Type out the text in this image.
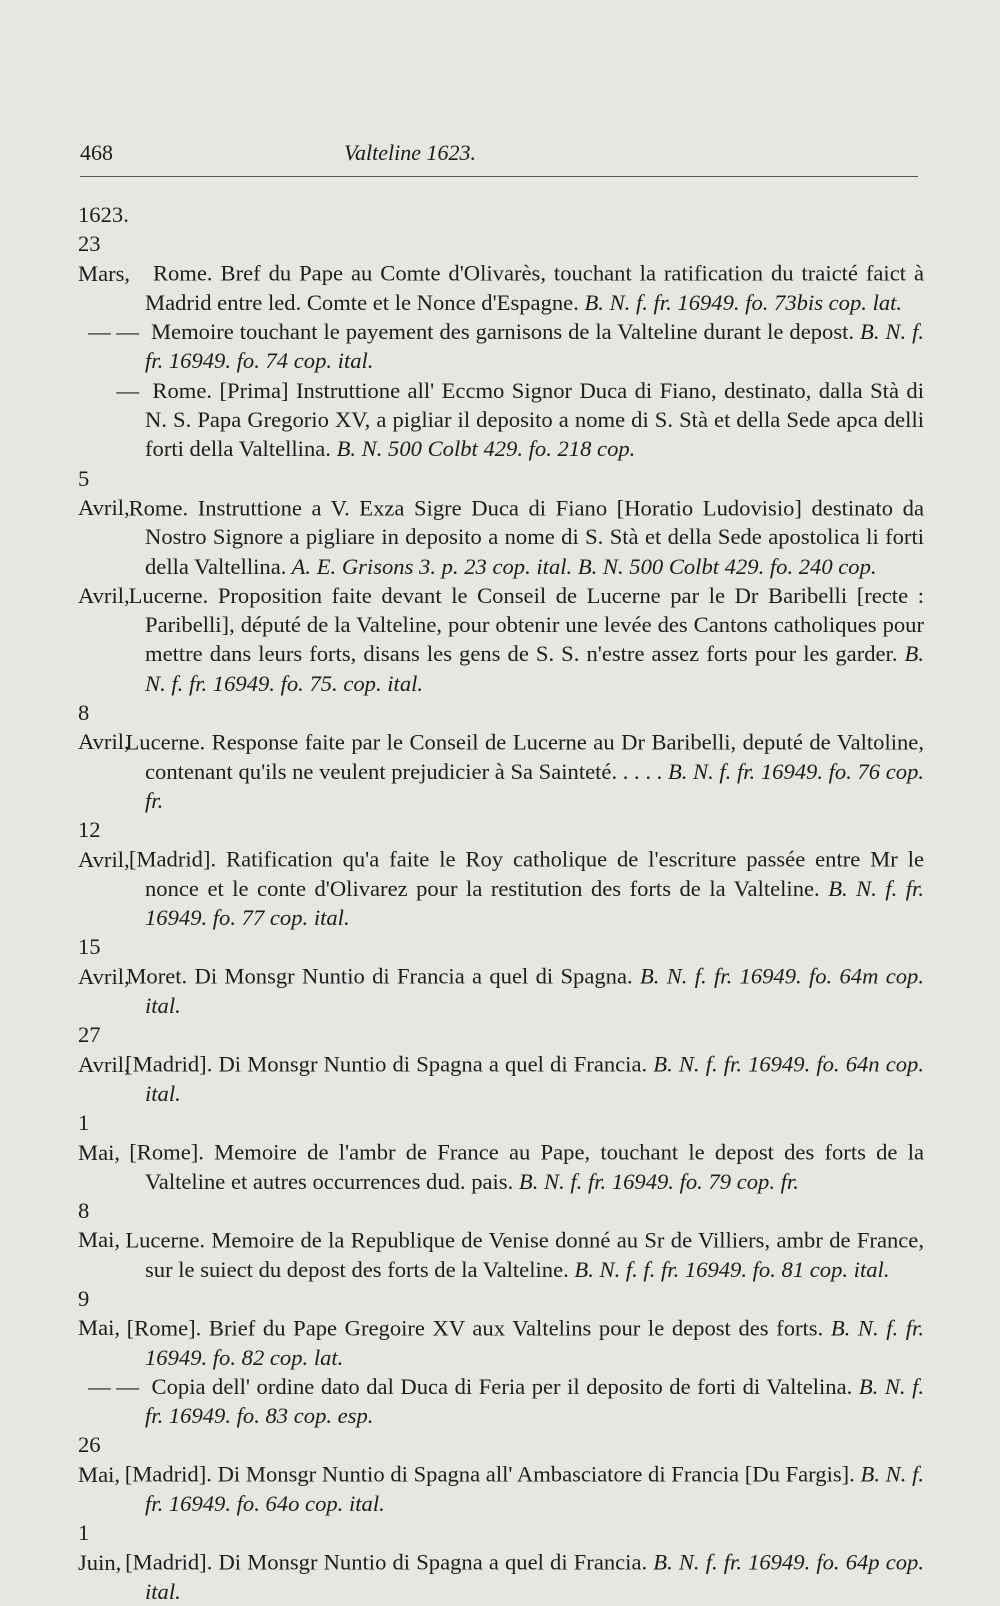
468	Valteline 1623.

1623. 23 Mars, Rome. Bref du Pape au Comte d'Olivarès, touchant la ratification du traicté faict à Madrid entre led. Comte et le Nonce d'Espagne. B. N. f. fr. 16949. fo. 73bis cop. lat.

— — Memoire touchant le payement des garnisons de la Valteline durant le depost. B. N. f. fr. 16949. fo. 74 cop. ital.

— Rome. [Prima] Instruttione all' Eccmo Signor Duca di Fiano, destinato, dalla Stà di N. S. Papa Gregorio XV, a pigliar il deposito a nome di S. Stà et della Sede apca delli forti della Valtellina. B. N. 500 Colbt 429. fo. 218 cop.

5 Avril, Rome. Instruttione a V. Exza Sigre Duca di Fiano [Horatio Ludovisio] destinato da Nostro Signore a pigliare in deposito a nome di S. Stà et della Sede apostolica li forti della Valtellina. A. E. Grisons 3. p. 23 cop. ital. B. N. 500 Colbt 429. fo. 240 cop.

Avril, Lucerne. Proposition faite devant le Conseil de Lucerne par le Dr Baribelli [recte : Paribelli], député de la Valteline, pour obtenir une levée des Cantons catholiques pour mettre dans leurs forts, disans les gens de S. S. n'estre assez forts pour les garder. B. N. f. fr. 16949. fo. 75. cop. ital.

8 Avril, Lucerne. Response faite par le Conseil de Lucerne au Dr Baribelli, deputé de Valtoline, contenant qu'ils ne veulent prejudicier à Sa Sainteté. . . . . B. N. f. fr. 16949. fo. 76 cop. fr.

12 Avril, [Madrid]. Ratification qu'a faite le Roy catholique de l'escriture passée entre Mr le nonce et le conte d'Olivarez pour la restitution des forts de la Valteline. B. N. f. fr. 16949. fo. 77 cop. ital.

15 Avril, Moret. Di Monsgr Nuntio di Francia a quel di Spagna. B. N. f. fr. 16949. fo. 64m cop. ital.

27 Avril, [Madrid]. Di Monsgr Nuntio di Spagna a quel di Francia. B. N. f. fr. 16949. fo. 64n cop. ital.

1 Mai, [Rome]. Memoire de l'ambr de France au Pape, touchant le depost des forts de la Valteline et autres occurrences dud. pais. B. N. f. fr. 16949. fo. 79 cop. fr.

8 Mai, Lucerne. Memoire de la Republique de Venise donné au Sr de Villiers, ambr de France, sur le suiect du depost des forts de la Valteline. B. N. f. f. fr. 16949. fo. 81 cop. ital.

9 Mai, [Rome]. Brief du Pape Gregoire XV aux Valtelins pour le depost des forts. B. N. f. fr. 16949. fo. 82 cop. lat.

— — Copia dell' ordine dato dal Duca di Feria per il deposito de forti di Valtelina. B. N. f. fr. 16949. fo. 83 cop. esp.

26 Mai, [Madrid]. Di Monsgr Nuntio di Spagna all' Ambasciatore di Francia [Du Fargis]. B. N. f. fr. 16949. fo. 64o cop. ital.

1 Juin, [Madrid]. Di Monsgr Nuntio di Spagna a quel di Francia. B. N. f. fr. 16949. fo. 64p cop. ital.
